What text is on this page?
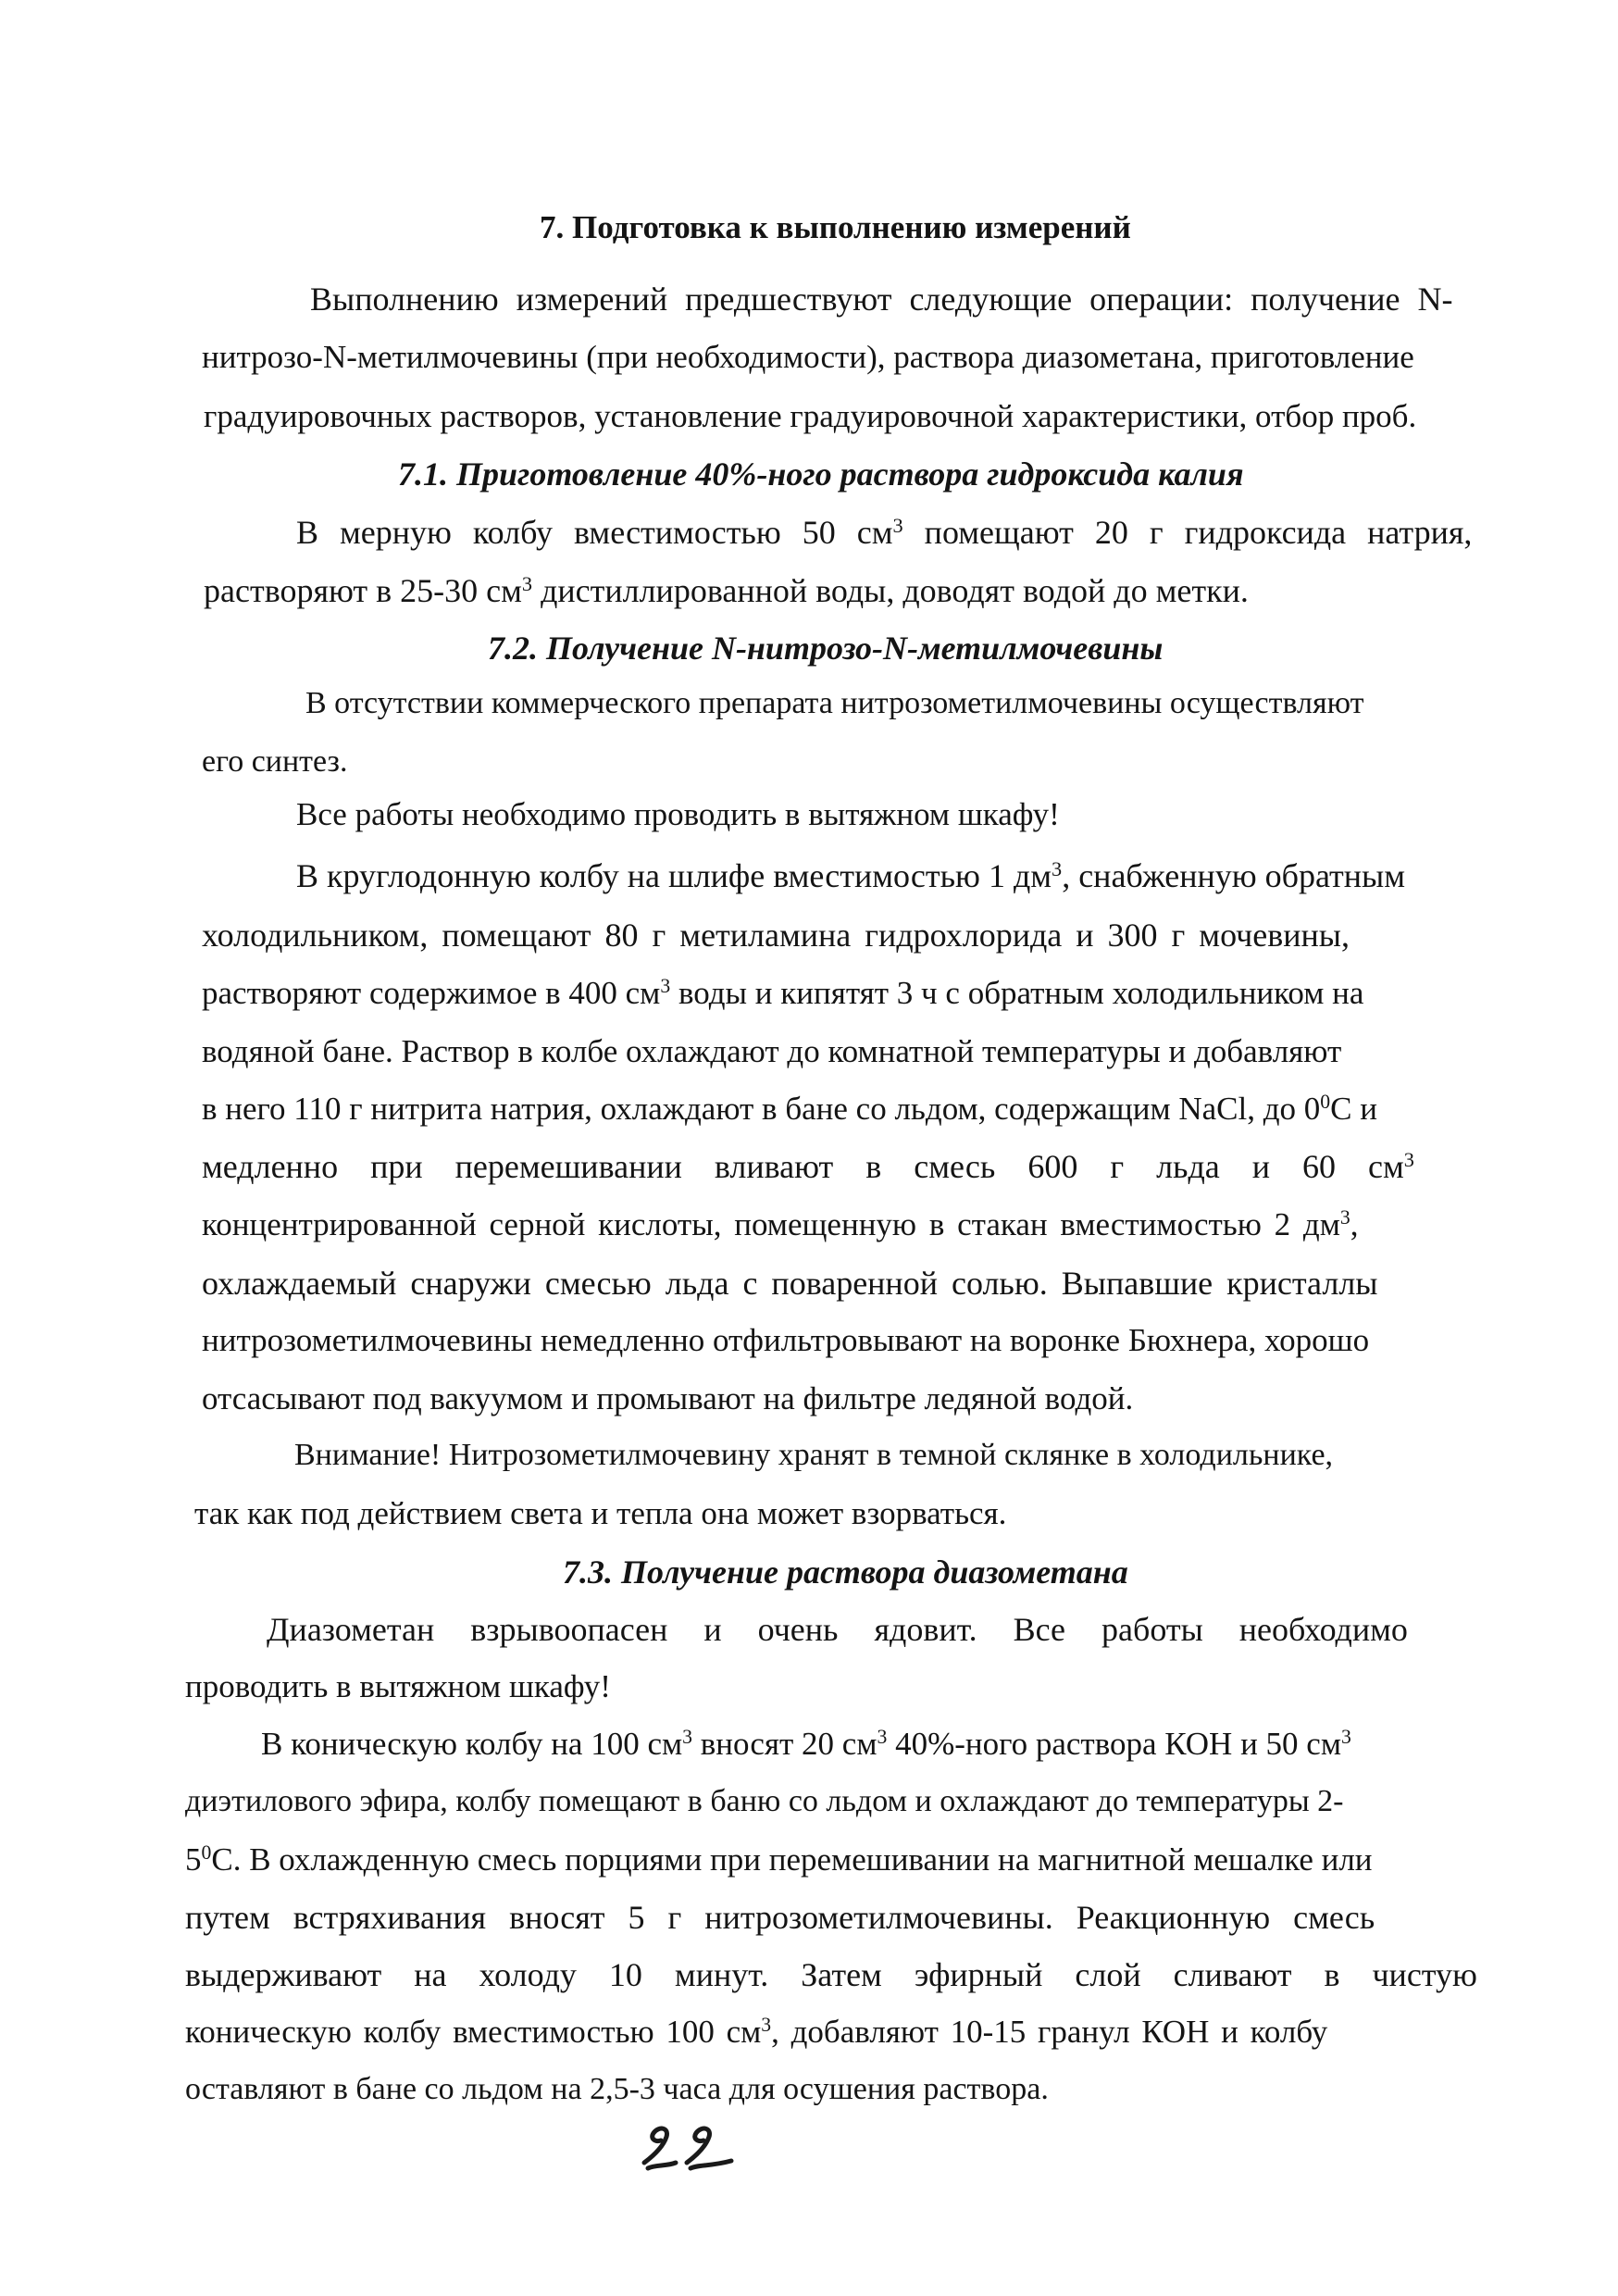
7. Подготовка к выполнению измерений
Выполнению измерений предшествуют следующие операции: получение N-
нитрозо-N-метилмочевины (при необходимости), раствора диазометана, приготовление
градуировочных растворов, установление градуировочной характеристики, отбор проб.
7.1. Приготовление 40%-ного раствора гидроксида калия
В мерную колбу вместимостью 50 $см^3$ помещают 20 г гидроксида натрия,
растворяют в 25-30 $см^3$ дистиллированной воды, доводят водой до метки.
7.2. Получение N-нитрозо-N-метилмочевины
В отсутствии коммерческого препарата нитрозометилмочевины осуществляют
его синтез.
Все работы необходимо проводить в вытяжном шкафу!
В круглодонную колбу на шлифе вместимостью 1 $дм^3$, снабженную обратным
холодильником, помещают 80 г метиламина гидрохлорида и 300 г мочевины,
растворяют содержимое в 400 $см^3$ воды и кипятят 3 ч с обратным холодильником на
водяной бане. Раствор в колбе охлаждают до комнатной температуры и добавляют
в него 110 г нитрита натрия, охлаждают в бане со льдом, содержащим NaCl, до $0^0С$ и
медленно при перемешивании вливают в смесь 600 г льда и 60 $см^3$
концентрированной серной кислоты, помещенную в стакан вместимостью 2 $дм^3$,
охлаждаемый снаружи смесью льда с поваренной солью. Выпавшие кристаллы
нитрозометилмочевины немедленно отфильтровывают на воронке Бюхнера, хорошо
отсасывают под вакуумом и промывают на фильтре ледяной водой.
Внимание! Нитрозометилмочевину хранят в темной склянке в холодильнике,
так как под действием света и тепла она может взорваться.
7.3. Получение раствора диазометана
Диазометан взрывоопасен и очень ядовит. Все работы необходимо
проводить в вытяжном шкафу!
В коническую колбу на 100 $см^3$ вносят 20 $см^3$ 40%-ного раствора КОН и 50 $см^3$
диэтилового эфира, колбу помещают в баню со льдом и охлаждают до температуры 2-
$5^0С$. В охлажденную смесь порциями при перемешивании на магнитной мешалке или
путем встряхивания вносят 5 г нитрозометилмочевины. Реакционную смесь
выдерживают на холоду 10 минут. Затем эфирный слой сливают в чистую
коническую колбу вместимостью 100 $см^3$, добавляют 10-15 гранул КОН и колбу
оставляют в бане со льдом на 2,5-3 часа для осушения раствора.
